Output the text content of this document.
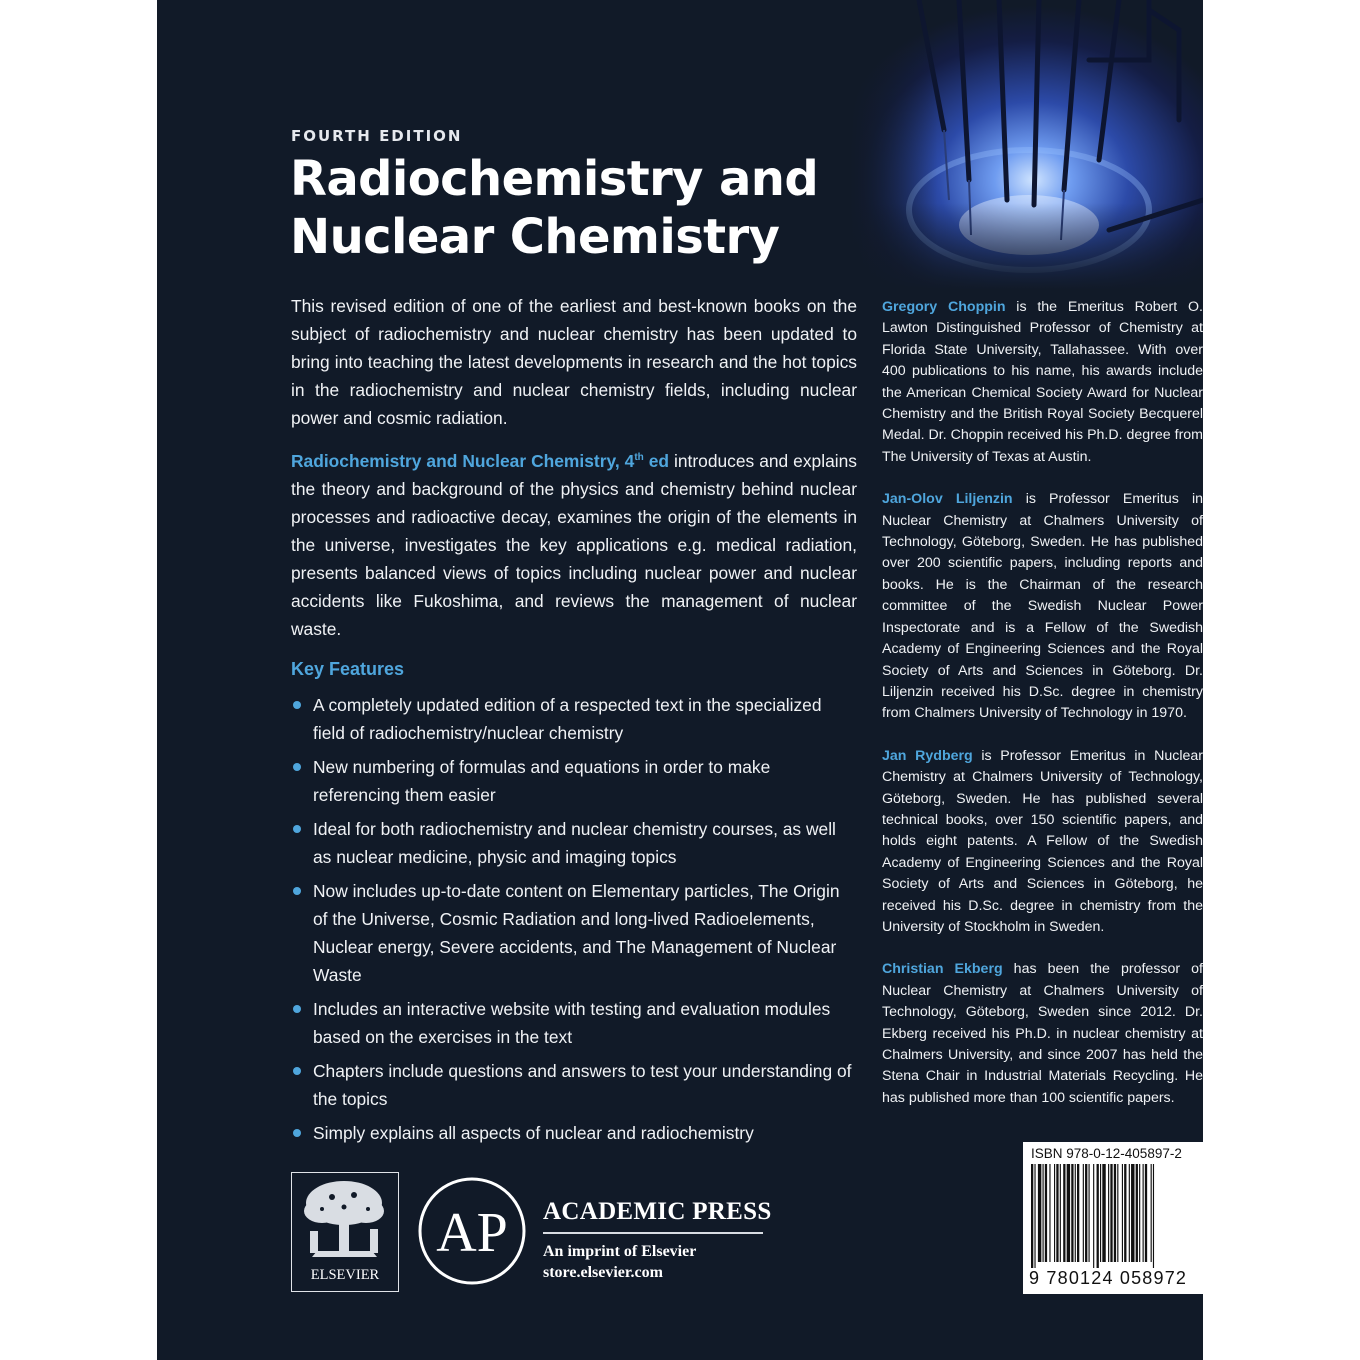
FOURTH EDITION
Radiochemistry and
Nuclear Chemistry

This revised edition of one of the earliest and best-known books on the subject of radiochemistry and nuclear chemistry has been updated to bring into teaching the latest developments in research and the hot topics in the radiochemistry and nuclear chemistry fields, including nuclear power and cosmic radiation.

Radiochemistry and Nuclear Chemistry, 4th ed introduces and explains the theory and background of the physics and chemistry behind nuclear processes and radioactive decay, examines the origin of the elements in the universe, investigates the key applications e.g. medical radiation, presents balanced views of topics including nuclear power and nuclear accidents like Fukoshima, and reviews the management of nuclear waste.

Key Features
A completely updated edition of a respected text in the specialized field of radiochemistry/nuclear chemistry
New numbering of formulas and equations in order to make referencing them easier
Ideal for both radiochemistry and nuclear chemistry courses, as well as nuclear medicine, physic and imaging topics
Now includes up-to-date content on Elementary particles, The Origin of the Universe, Cosmic Radiation and long-lived Radioelements, Nuclear energy, Severe accidents, and The Management of Nuclear Waste
Includes an interactive website with testing and evaluation modules based on the exercises in the text
Chapters include questions and answers to test your understanding of the topics
Simply explains all aspects of nuclear and radiochemistry

Gregory Choppin is the Emeritus Robert O. Lawton Distinguished Professor of Chemistry at Florida State University, Tallahassee. With over 400 publications to his name, his awards include the American Chemical Society Award for Nuclear Chemistry and the British Royal Society Becquerel Medal. Dr. Choppin received his Ph.D. degree from The University of Texas at Austin.

Jan-Olov Liljenzin is Professor Emeritus in Nuclear Chemistry at Chalmers University of Technology, Göteborg, Sweden. He has published over 200 scientific papers, including reports and books. He is the Chairman of the research committee of the Swedish Nuclear Power Inspectorate and is a Fellow of the Swedish Academy of Engineering Sciences and the Royal Society of Arts and Sciences in Göteborg. Dr. Liljenzin received his D.Sc. degree in chemistry from Chalmers University of Technology in 1970.

Jan Rydberg is Professor Emeritus in Nuclear Chemistry at Chalmers University of Technology, Göteborg, Sweden. He has published several technical books, over 150 scientific papers, and holds eight patents. A Fellow of the Swedish Academy of Engineering Sciences and the Royal Society of Arts and Sciences in Göteborg, he received his D.Sc. degree in chemistry from the University of Stockholm in Sweden.

Christian Ekberg has been the professor of Nuclear Chemistry at Chalmers University of Technology, Göteborg, Sweden since 2012. Dr. Ekberg received his Ph.D. in nuclear chemistry at Chalmers University, and since 2007 has held the Stena Chair in Industrial Materials Recycling. He has published more than 100 scientific papers.

ISBN 978-0-12-405897-2
9 780124 058972
ELSEVIER
AP ACADEMIC PRESS
An imprint of Elsevier
store.elsevier.com
